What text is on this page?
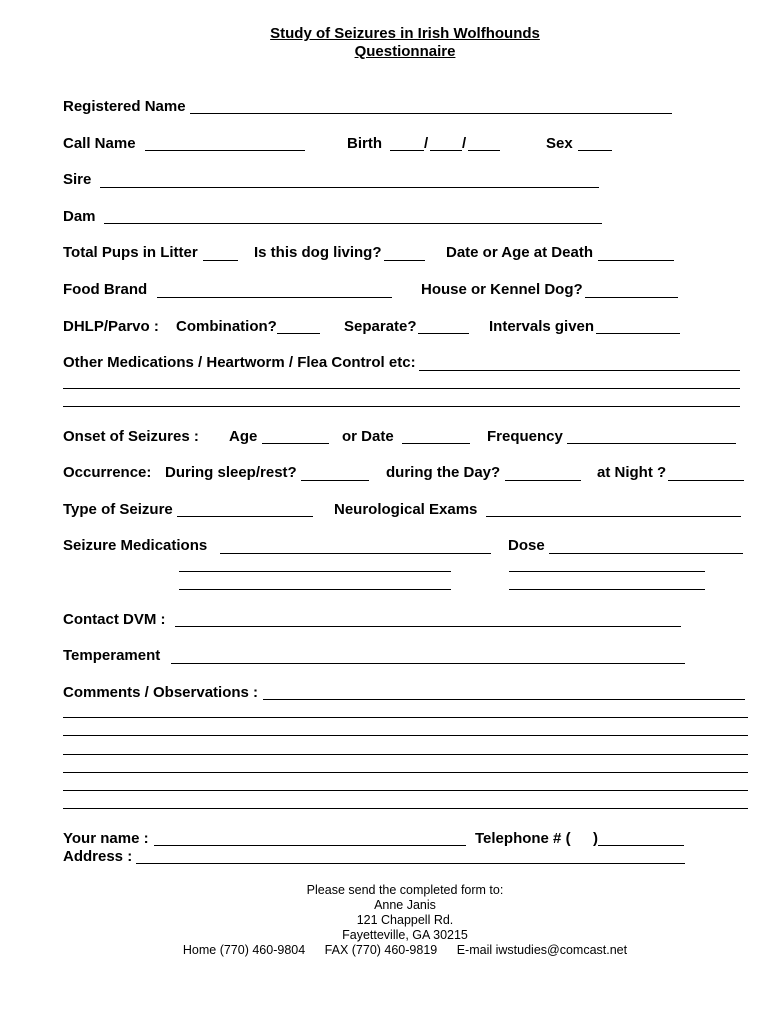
Study of Seizures in Irish Wolfhounds
Questionnaire
Registered Name
Call Name	Birth	/ /	Sex
Sire
Dam
Total Pups in Litter	Is this dog living?	Date or Age at Death
Food Brand	House or Kennel Dog?
DHLP/Parvo : Combination?	Separate?	Intervals given
Other Medications / Heartworm / Flea Control etc:
Onset of Seizures : Age	or Date	Frequency
Occurrence: During sleep/rest?	during the Day?	at Night ?
Type of Seizure	Neurological Exams
Seizure Medications	Dose
Contact DVM :
Temperament
Comments / Observations :
Your name :	Telephone # ( )
Address :
Please send the completed form to:
Anne Janis
121 Chappell Rd.
Fayetteville, GA 30215
Home (770) 460-9804 FAX (770) 460-9819 E-mail iwstudies@comcast.net
